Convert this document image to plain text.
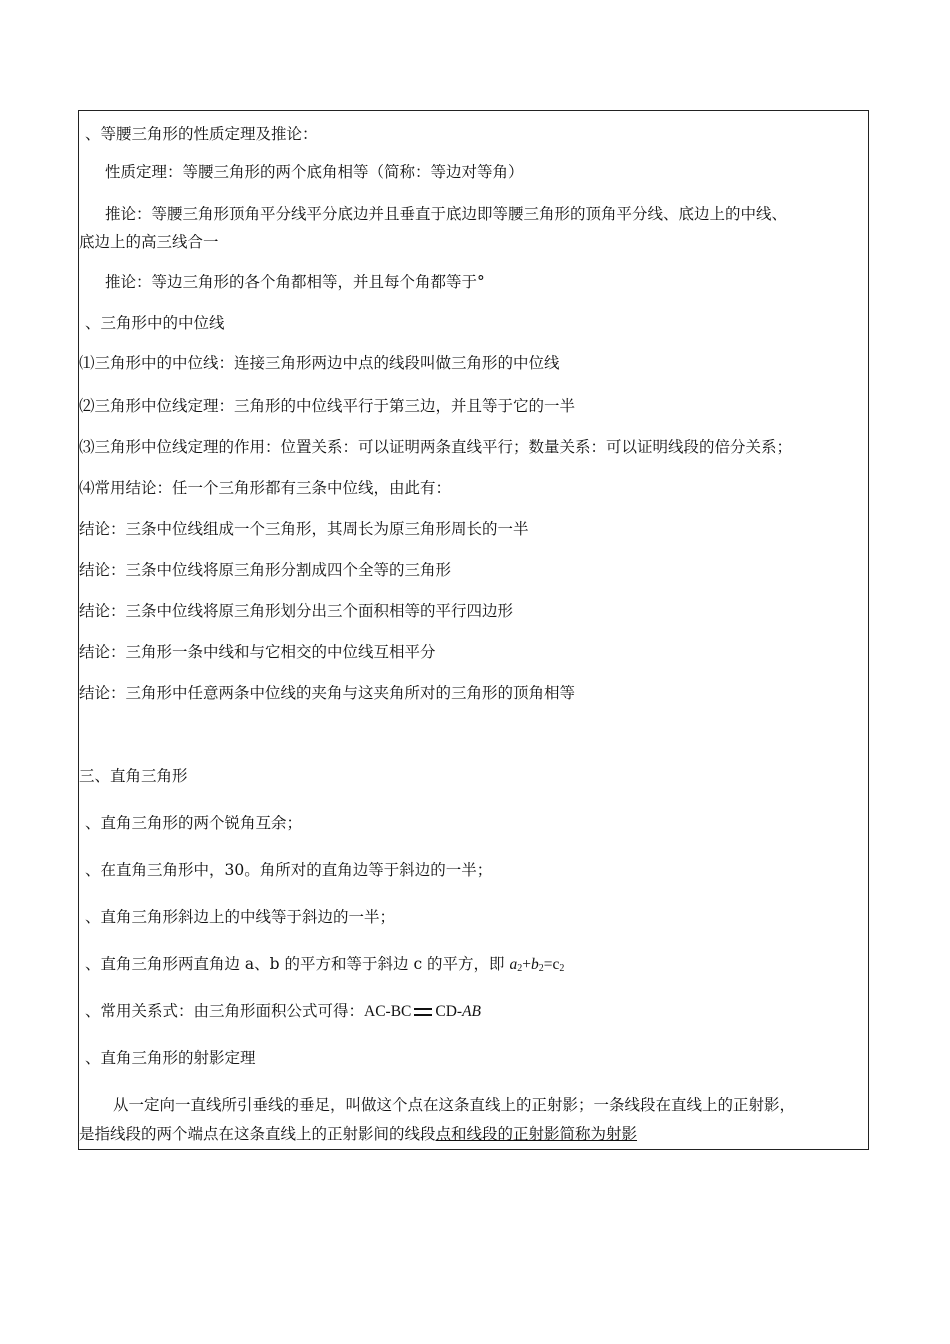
、等腰三角形的性质定理及推论：
性质定理：等腰三角形的两个底角相等（简称：等边对等角）
推论：等腰三角形顶角平分线平分底边并且垂直于底边即等腰三角形的顶角平分线、底边上的中线、
底边上的高三线合一
推论：等边三角形的各个角都相等，并且每个角都等于°
、三角形中的中位线
⑴三角形中的中位线：连接三角形两边中点的线段叫做三角形的中位线
⑵三角形中位线定理：三角形的中位线平行于第三边，并且等于它的一半
⑶三角形中位线定理的作用：位置关系：可以证明两条直线平行；数量关系：可以证明线段的倍分关系；
⑷常用结论：任一个三角形都有三条中位线，由此有：
结论：三条中位线组成一个三角形，其周长为原三角形周长的一半
结论：三条中位线将原三角形分割成四个全等的三角形
结论：三条中位线将原三角形划分出三个面积相等的平行四边形
结论：三角形一条中线和与它相交的中位线互相平分
结论：三角形中任意两条中位线的夹角与这夹角所对的三角形的顶角相等
三、直角三角形
、直角三角形的两个锐角互余；
、在直角三角形中，30。角所对的直角边等于斜边的一半；
、直角三角形斜边上的中线等于斜边的一半；
、直角三角形两直角边 a、b 的平方和等于斜边 c 的平方，即 $a_2+b_2=c_2$
、常用关系式：由三角形面积公式可得：AC-BC CD-AB
、直角三角形的射影定理
从一定向一直线所引垂线的垂足，叫做这个点在这条直线上的正射影；一条线段在直线上的正射影，
是指线段的两个端点在这条直线上的正射影间的线段点和线段的正射影简称为射影
